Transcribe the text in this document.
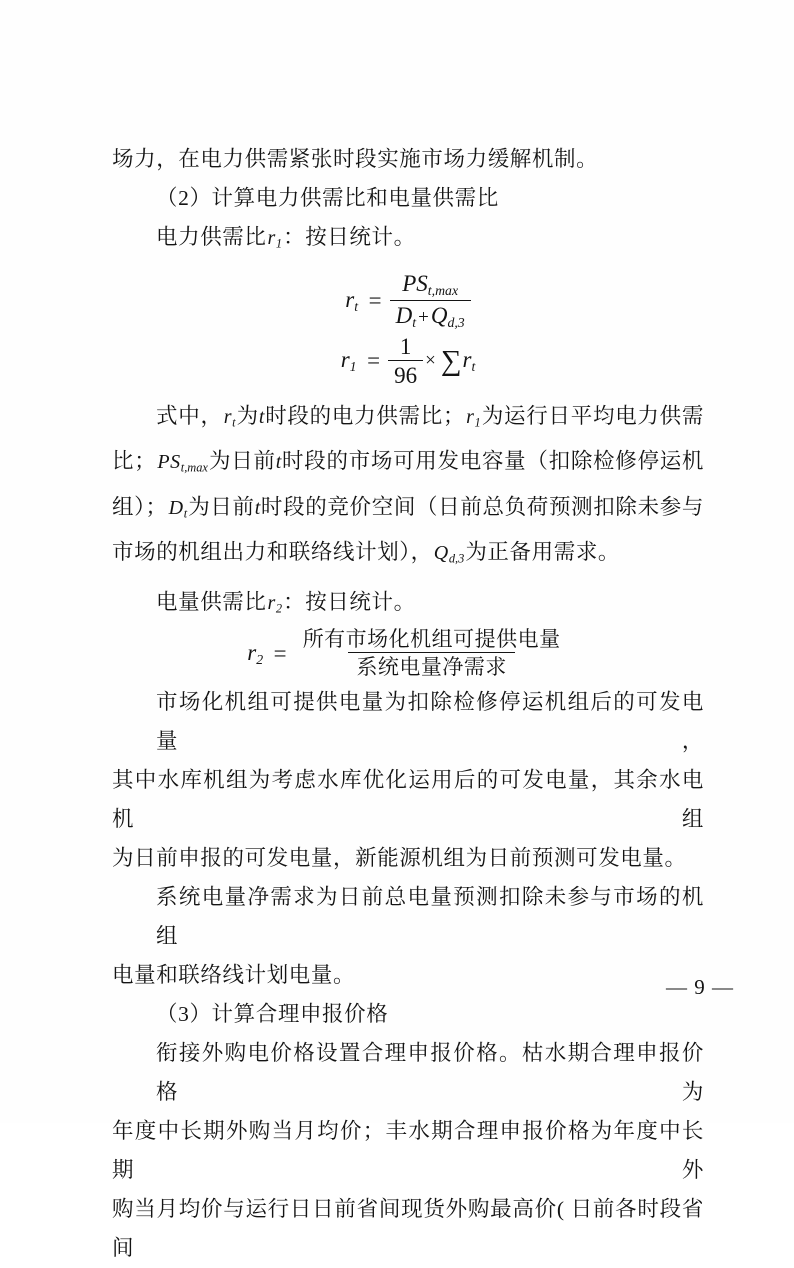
场力，在电力供需紧张时段实施市场力缓解机制。
（2）计算电力供需比和电量供需比
电力供需比$r_1$：按日统计。
$r_t = \frac{PS_{t,max}}{D_t +Q_{d,3}}$
$r_1 = \frac{1}{96}$ × ∑ $r_t$
式中，$r_t$为t时段的电力供需比；$r_1$为运行日平均电力供需
比；$PS_{t,max}$为日前t时段的市场可用发电容量（扣除检修停运机
组）；$D_t$为日前t时段的竞价空间（日前总负荷预测扣除未参与
市场的机组出力和联络线计划），$Q_{d,3}$为正备用需求。
电量供需比$r_2$：按日统计。
$r_2 = \frac{\text{所有市场化机组可提供电量}}{\text{系统电量净需求}}$
市场化机组可提供电量为扣除检修停运机组后的可发电量，
其中水库机组为考虑水库优化运用后的可发电量，其余水电机组
为日前申报的可发电量，新能源机组为日前预测可发电量。
系统电量净需求为日前总电量预测扣除未参与市场的机组
电量和联络线计划电量。
（3）计算合理申报价格
衔接外购电价格设置合理申报价格。枯水期合理申报价格为
年度中长期外购当月均价；丰水期合理申报价格为年度中长期外
购当月均价与运行日日前省间现货外购最高价( 日前各时段省间
— 9 —
